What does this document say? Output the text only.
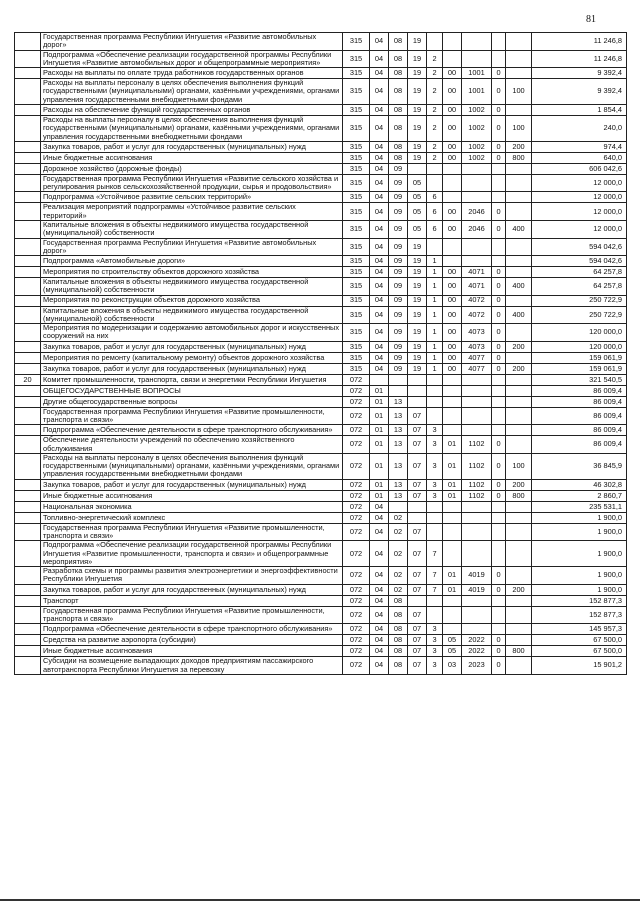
81
	Государственная программа Республики Ингушетия «Развитие автомобильных дорог»	315	04	08	19						11 246,8
	Подпрограмма «Обеспечение реализации государственной программы Республики Ингушетия «Развитие автомобильных дорог и общепрограммные мероприятия»	315	04	08	19	2					11 246,8
	Расходы на выплаты по оплате труда работников государственных органов	315	04	08	19	2	00	1001	0		9 392,4
	Расходы на выплаты персоналу в целях обеспечения выполнения функций государственными (муниципальными) органами, казёнными учреждениями, органами управления государственными внебюджетными фондами	315	04	08	19	2	00	1001	0	100	9 392,4
	Расходы на обеспечение функций государственных органов	315	04	08	19	2	00	1002	0		1 854,4
	Расходы на выплаты персоналу в целях обеспечения выполнения функций государственными (муниципальными) органами, казёнными учреждениями, органами управления государственными внебюджетными фондами	315	04	08	19	2	00	1002	0	100	240,0
	Закупка товаров, работ и услуг для государственных (муниципальных) нужд	315	04	08	19	2	00	1002	0	200	974,4
	Иные бюджетные ассигнования	315	04	08	19	2	00	1002	0	800	640,0
	Дорожное хозяйство (дорожные фонды)	315	04	09							606 042,6
	Государственная программа Республики Ингушетия «Развитие сельского хозяйства и регулирования рынков сельскохозяйственной продукции, сырья и продовольствия»	315	04	09	05						12 000,0
	Подпрограмма «Устойчивое развитие сельских территорий»	315	04	09	05	6					12 000,0
	Реализация мероприятий подпрограммы «Устойчивое развитие сельских территорий»	315	04	09	05	6	00	2046	0		12 000,0
	Капитальные вложения в объекты недвижимого имущества государственной (муниципальной) собственности	315	04	09	05	6	00	2046	0	400	12 000,0
	Государственная программа Республики Ингушетия «Развитие автомобильных дорог»	315	04	09	19						594 042,6
	Подпрограмма «Автомобильные дороги»	315	04	09	19	1					594 042,6
	Мероприятия по строительству объектов дорожного хозяйства	315	04	09	19	1	00	4071	0		64 257,8
	Капитальные вложения в объекты недвижимого имущества государственной (муниципальной) собственности	315	04	09	19	1	00	4071	0	400	64 257,8
	Мероприятия по реконструкции объектов дорожного хозяйства	315	04	09	19	1	00	4072	0		250 722,9
	Капитальные вложения в объекты недвижимого имущества государственной (муниципальной) собственности	315	04	09	19	1	00	4072	0	400	250 722,9
	Мероприятия по модернизации и содержанию автомобильных дорог и искусственных сооружений на них	315	04	09	19	1	00	4073	0		120 000,0
	Закупка товаров, работ и услуг для государственных (муниципальных) нужд	315	04	09	19	1	00	4073	0	200	120 000,0
	Мероприятия по ремонту (капитальному ремонту) объектов дорожного хозяйства	315	04	09	19	1	00	4077	0		159 061,9
	Закупка товаров, работ и услуг для государственных (муниципальных) нужд	315	04	09	19	1	00	4077	0	200	159 061,9
20	Комитет промышленности, транспорта, связи и энергетики Республики Ингушетия	072									321 540,5
	ОБЩЕГОСУДАРСТВЕННЫЕ ВОПРОСЫ	072	01								86 009,4
	Другие общегосударственные вопросы	072	01	13							86 009,4
	Государственная программа Республики Ингушетия «Развитие промышленности, транспорта и связи»	072	01	13	07						86 009,4
	Подпрограмма «Обеспечение деятельности в сфере транспортного обслуживания»	072	01	13	07	3					86 009,4
	Обеспечение деятельности учреждений по обеспечению хозяйственного обслуживания	072	01	13	07	3	01	1102	0		86 009,4
	Расходы на выплаты персоналу в целях обеспечения выполнения функций государственными (муниципальными) органами, казёнными учреждениями, органами управления государственными внебюджетными фондами	072	01	13	07	3	01	1102	0	100	36 845,9
	Закупка товаров, работ и услуг для государственных (муниципальных) нужд	072	01	13	07	3	01	1102	0	200	46 302,8
	Иные бюджетные ассигнования	072	01	13	07	3	01	1102	0	800	2 860,7
	Национальная экономика	072	04								235 531,1
	Топливно-энергетический комплекс	072	04	02							1 900,0
	Государственная программа Республики Ингушетия «Развитие промышленности, транспорта и связи»	072	04	02	07						1 900,0
	Подпрограмма «Обеспечение реализации государственной программы Республики Ингушетия «Развитие промышленности, транспорта и связи» и общепрограммные мероприятия»	072	04	02	07	7					1 900,0
	Разработка схемы и программы развития электроэнергетики и энергоэффективности Республики Ингушетия	072	04	02	07	7	01	4019	0		1 900,0
	Закупка товаров, работ и услуг для государственных (муниципальных) нужд	072	04	02	07	7	01	4019	0	200	1 900,0
	Транспорт	072	04	08							152 877,3
	Государственная программа Республики Ингушетия «Развитие промышленности, транспорта и связи»	072	04	08	07						152 877,3
	Подпрограмма «Обеспечение деятельности в сфере транспортного обслуживания»	072	04	08	07	3					145 957,3
	Средства на развитие аэропорта (субсидии)	072	04	08	07	3	05	2022	0		67 500,0
	Иные бюджетные ассигнования	072	04	08	07	3	05	2022	0	800	67 500,0
	Субсидии на возмещение выпадающих доходов предприятиям пассажирского автотранспорта Республики Ингушетия за перевозку	072	04	08	07	3	03	2023	0		15 901,2
